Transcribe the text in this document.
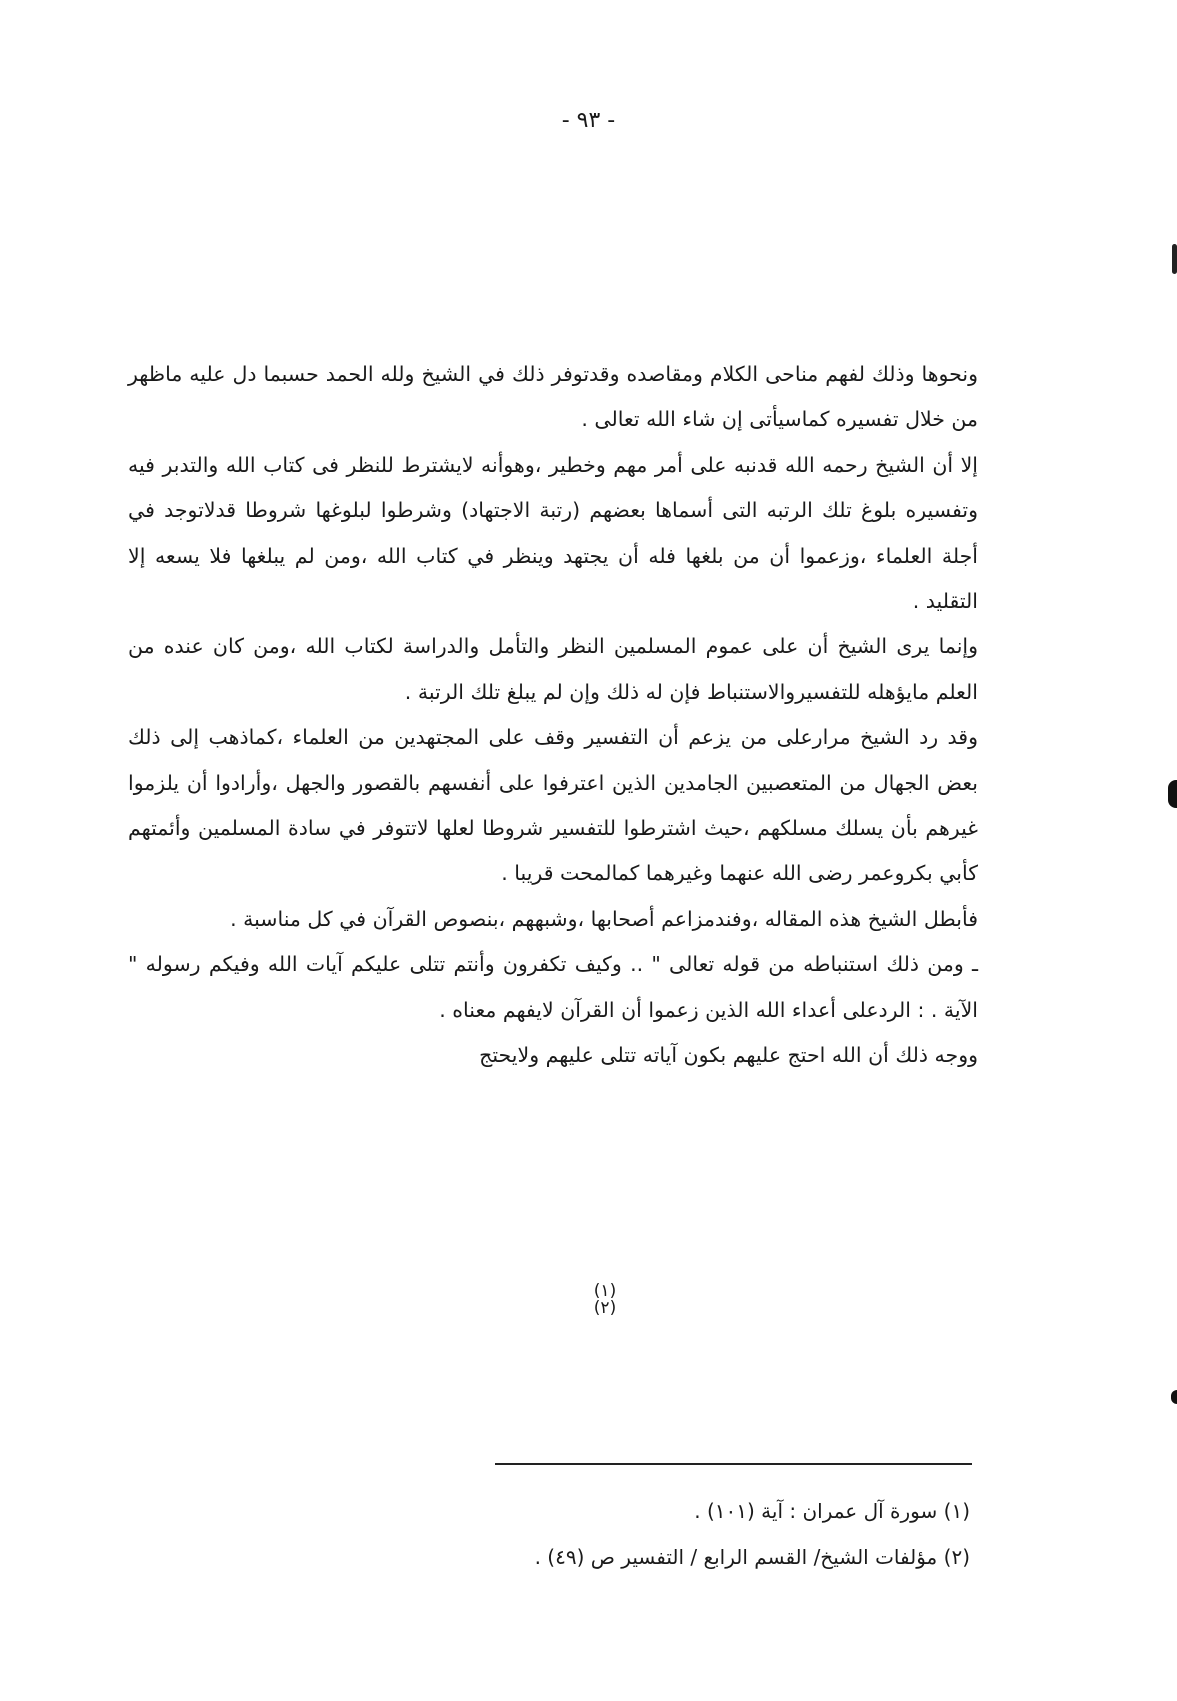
- ٩٣ -

ونحوها وذلك لفهم مناحى الكلام ومقاصده وقدتوفر ذلك في الشيخ ولله الحمد حسبما دل عليه ماظهر من خلال تفسيره كماسيأتى إن شاء الله تعالى .

إلا أن الشيخ رحمه الله قدنبه على أمر مهم وخطير ،وهوأنه لايشترط للنظر فى كتاب الله والتدبر فيه وتفسيره بلوغ تلك الرتبه التى أسماها بعضهم (رتبة الاجتهاد) وشرطوا لبلوغها شروطا قدلاتوجد في أجلة العلماء ،وزعموا أن من بلغها فله أن يجتهد وينظر في كتاب الله ،ومن لم يبلغها فلا يسعه إلا التقليد .

وإنما يرى الشيخ أن على عموم المسلمين النظر والتأمل والدراسة لكتاب الله ،ومن كان عنده من العلم مايؤهله للتفسيروالاستنباط فإن له ذلك وإن لم يبلغ تلك الرتبة .

وقد رد الشيخ مرارعلى من يزعم أن التفسير وقف على المجتهدين من العلماء ،كماذهب إلى ذلك بعض الجهال من المتعصبين الجامدين الذين اعترفوا على أنفسهم بالقصور والجهل ،وأرادوا أن يلزموا غيرهم بأن يسلك مسلكهم ،حيث اشترطوا للتفسير شروطا لعلها لاتتوفر في سادة المسلمين وأئمتهم كأبي بكروعمر رضى الله عنهما وغيرهما كمالمحت قريبا .

فأبطل الشيخ هذه المقاله ،وفندمزاعم أصحابها ،وشبههم ،بنصوص القرآن في كل مناسبة .

ـ ومن ذلك استنباطه من قوله تعالى " .. وكيف تكفرون وأنتم تتلى عليكم آيات الله وفيكم رسوله " الآية . : الردعلى أعداء الله الذين زعموا أن القرآن لايفهم معناه .

ووجه ذلك أن الله احتج عليهم بكون آياته تتلى عليهم ولايحتج

(١)
(٢)

(١) سورة آل عمران : آية (١٠١) .

(٢) مؤلفات الشيخ/ القسم الرابع / التفسير ص (٤٩) .
